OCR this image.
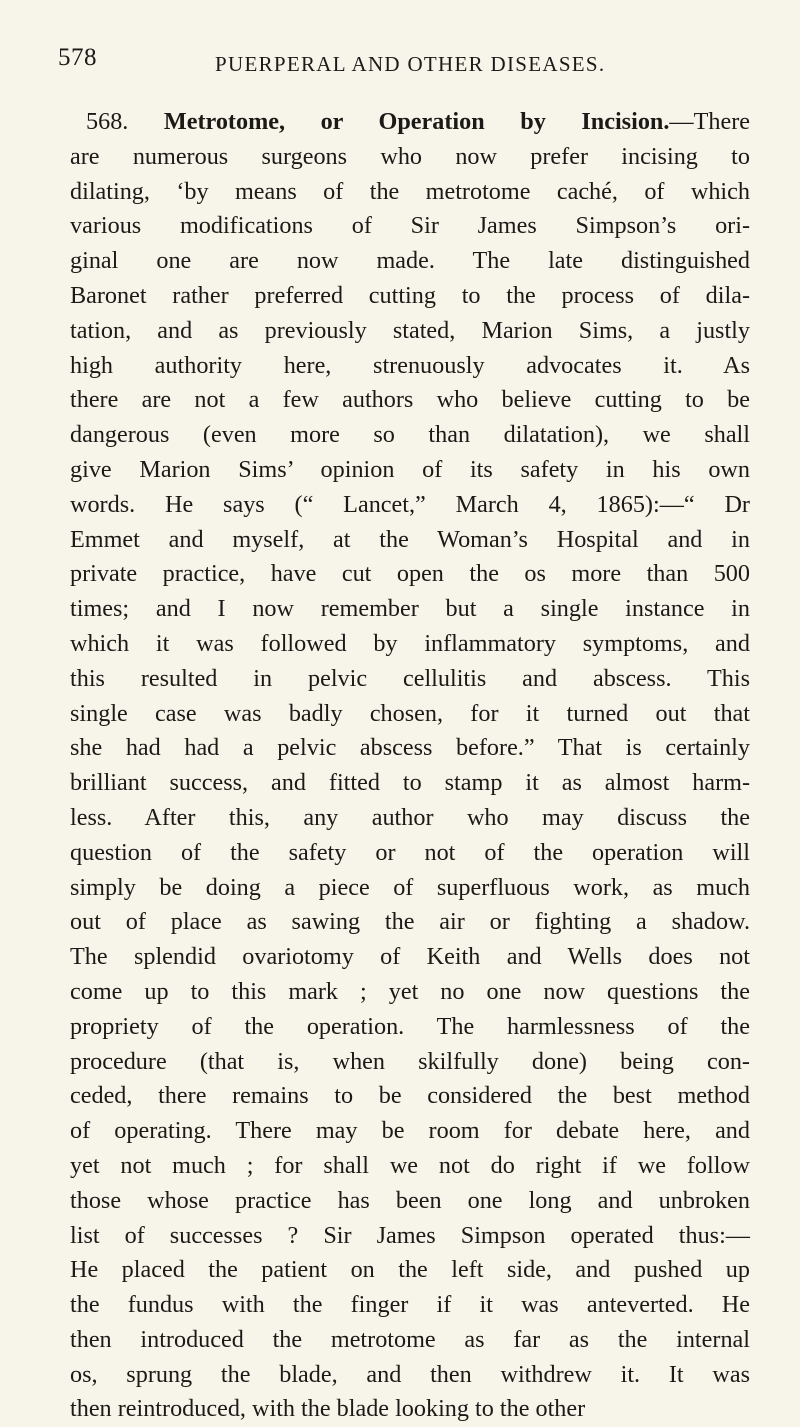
578	PUERPERAL AND OTHER DISEASES.
568. Metrotome, or Operation by Incision.—There
are numerous surgeons who now prefer incising to
dilating, ‘by means of the metrotome caché, of which
various modifications of Sir James Simpson’s ori-
ginal one are now made. The late distinguished
Baronet rather preferred cutting to the process of dila-
tation, and as previously stated, Marion Sims, a justly
high authority here, strenuously advocates it. As
there are not a few authors who believe cutting to be
dangerous (even more so than dilatation), we shall
give Marion Sims’ opinion of its safety in his own
words. He says (“ Lancet,” March 4, 1865):—“ Dr
Emmet and myself, at the Woman’s Hospital and in
private practice, have cut open the os more than 500
times; and I now remember but a single instance in
which it was followed by inflammatory symptoms, and
this resulted in pelvic cellulitis and abscess. This
single case was badly chosen, for it turned out that
she had had a pelvic abscess before.” That is certainly
brilliant success, and fitted to stamp it as almost harm-
less. After this, any author who may discuss the
question of the safety or not of the operation will
simply be doing a piece of superfluous work, as much
out of place as sawing the air or fighting a shadow.
The splendid ovariotomy of Keith and Wells does not
come up to this mark ; yet no one now questions the
propriety of the operation. The harmlessness of the
procedure (that is, when skilfully done) being con-
ceded, there remains to be considered the best method
of operating. There may be room for debate here, and
yet not much ; for shall we not do right if we follow
those whose practice has been one long and unbroken
list of successes ? Sir James Simpson operated thus:—
He placed the patient on the left side, and pushed up
the fundus with the finger if it was anteverted. He
then introduced the metrotome as far as the internal
os, sprung the blade, and then withdrew it. It was
then reintroduced, with the blade looking to the other
